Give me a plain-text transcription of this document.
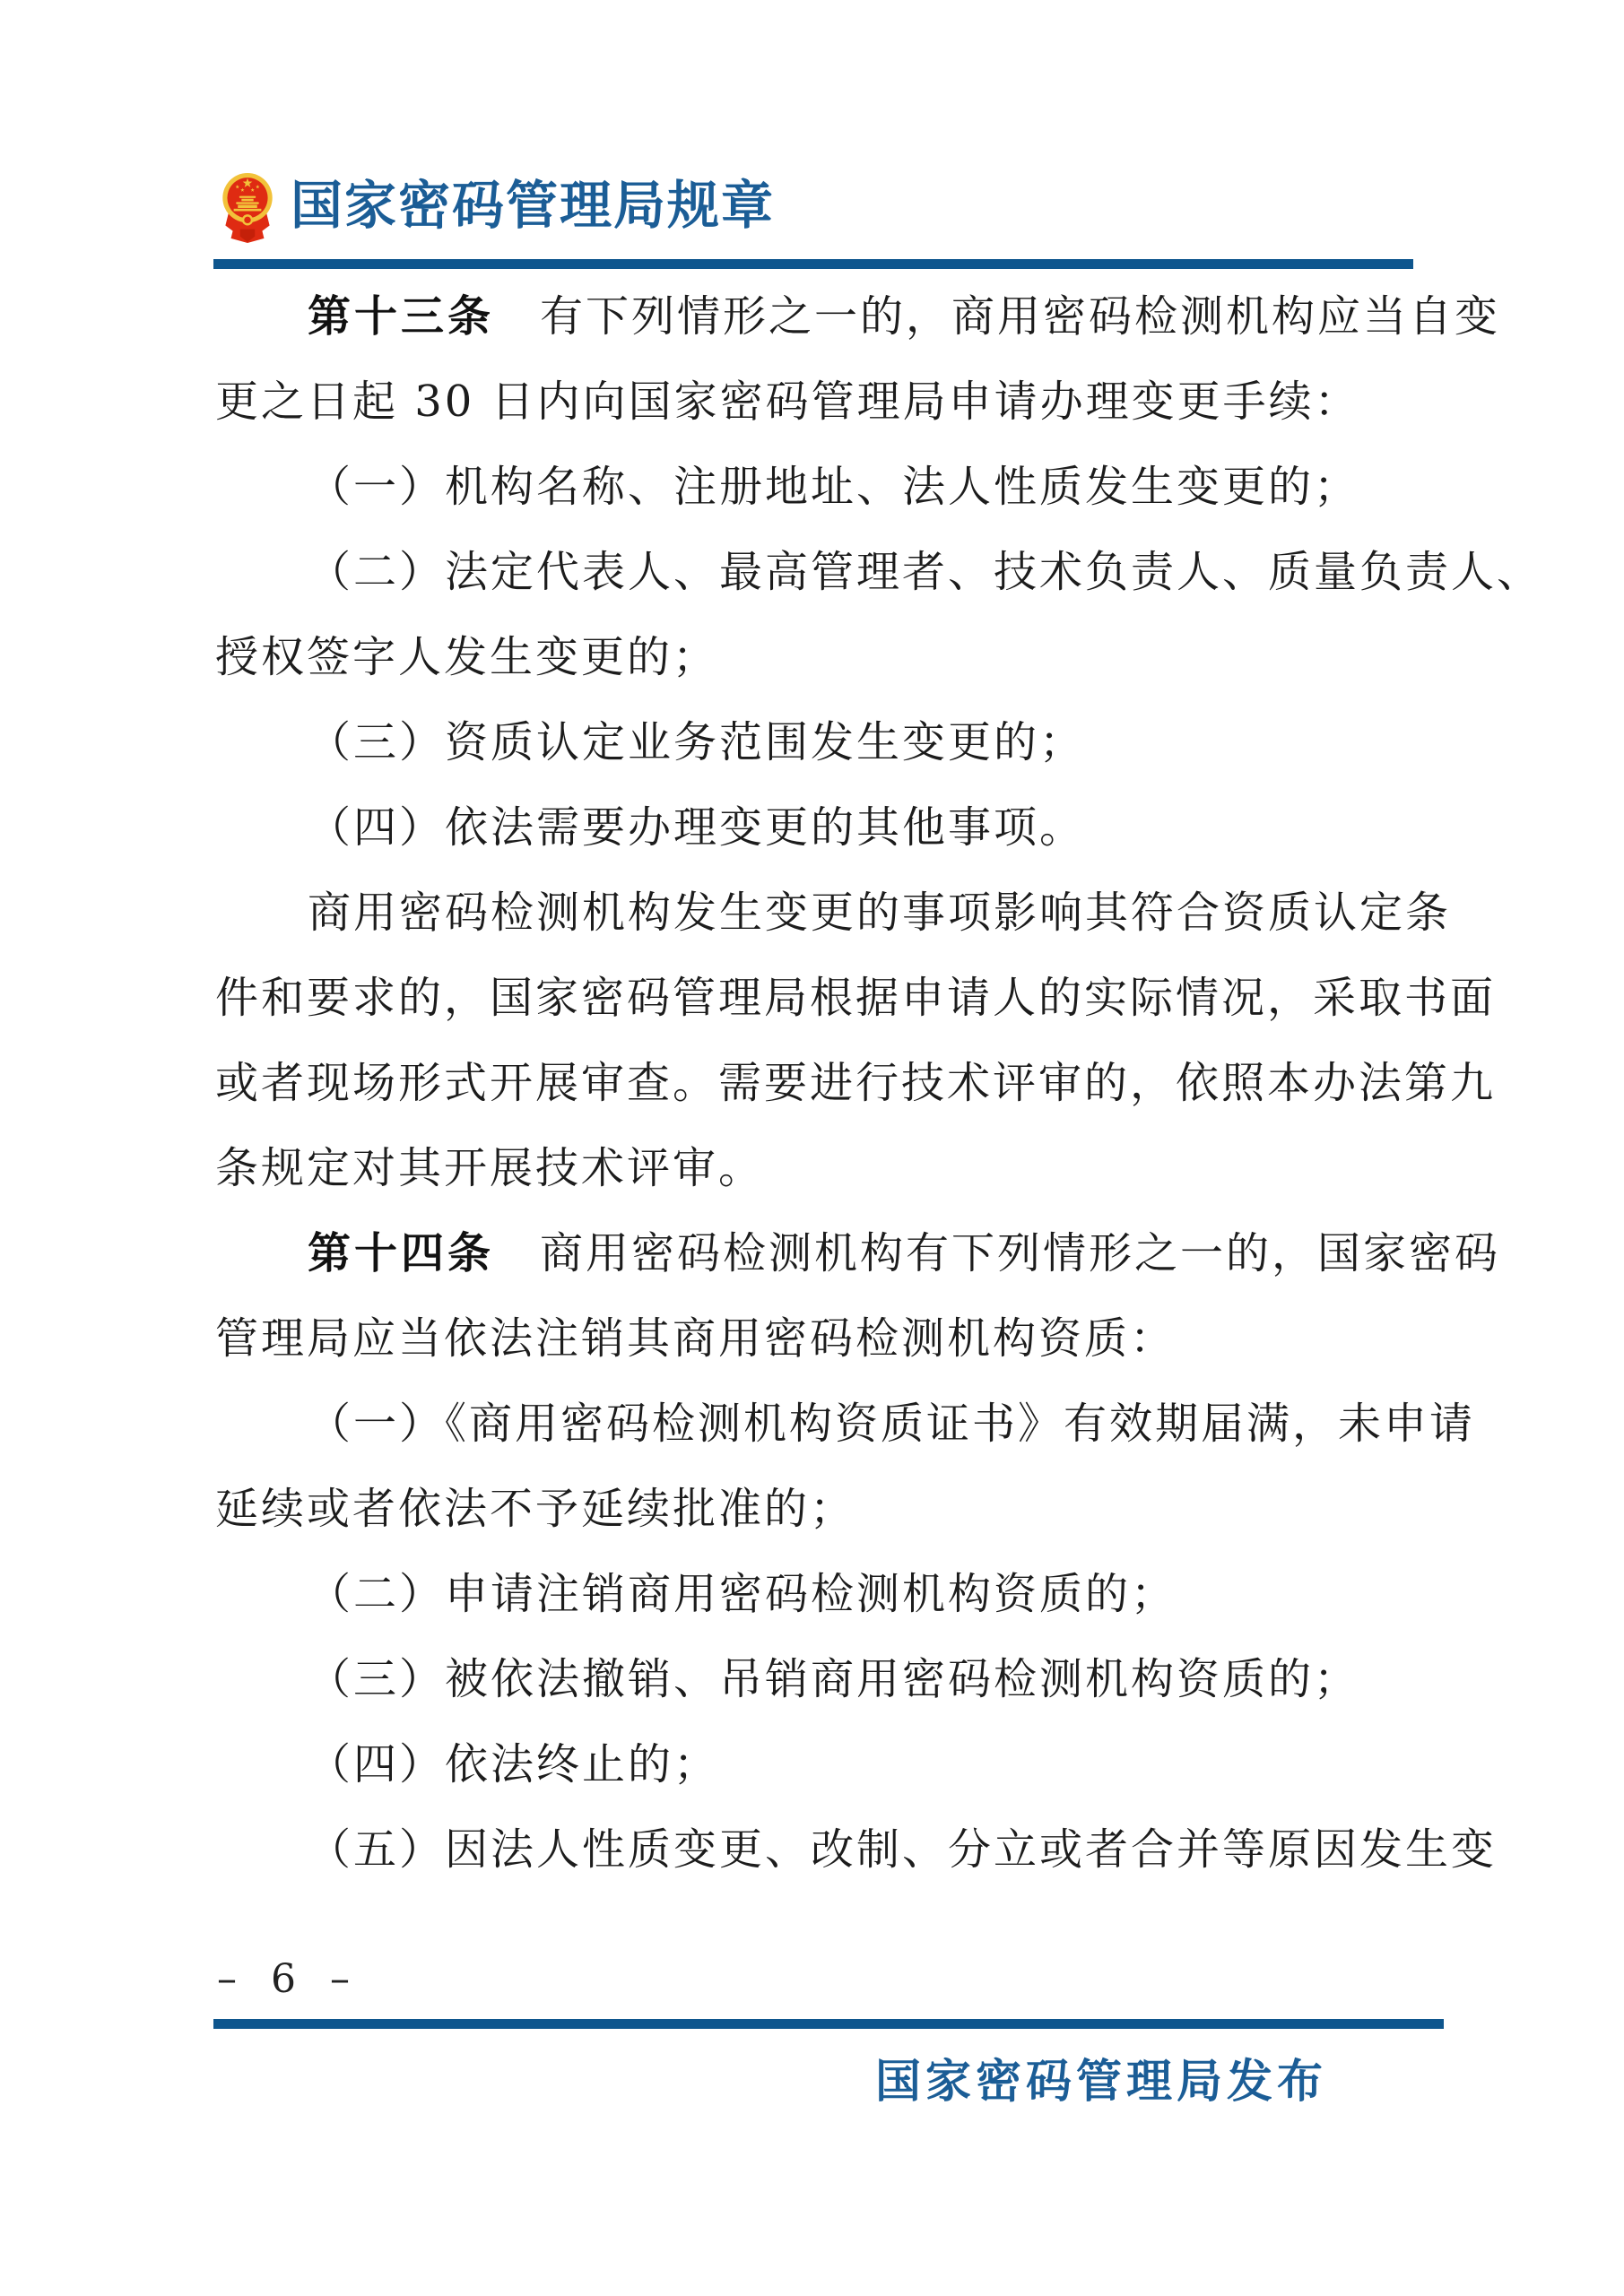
国家密码管理局规章
第十三条　有下列情形之一的，商用密码检测机构应当自变
更之日起 30 日内向国家密码管理局申请办理变更手续：
（一）机构名称、注册地址、法人性质发生变更的；
（二）法定代表人、最高管理者、技术负责人、质量负责人、
授权签字人发生变更的；
（三）资质认定业务范围发生变更的；
（四）依法需要办理变更的其他事项。
商用密码检测机构发生变更的事项影响其符合资质认定条
件和要求的，国家密码管理局根据申请人的实际情况，采取书面
或者现场形式开展审查。需要进行技术评审的，依照本办法第九
条规定对其开展技术评审。
第十四条　商用密码检测机构有下列情形之一的，国家密码
管理局应当依法注销其商用密码检测机构资质：
（一）《商用密码检测机构资质证书》有效期届满，未申请
延续或者依法不予延续批准的；
（二）申请注销商用密码检测机构资质的；
（三）被依法撤销、吊销商用密码检测机构资质的；
（四）依法终止的；
（五）因法人性质变更、改制、分立或者合并等原因发生变
– 6 –
国家密码管理局发布
